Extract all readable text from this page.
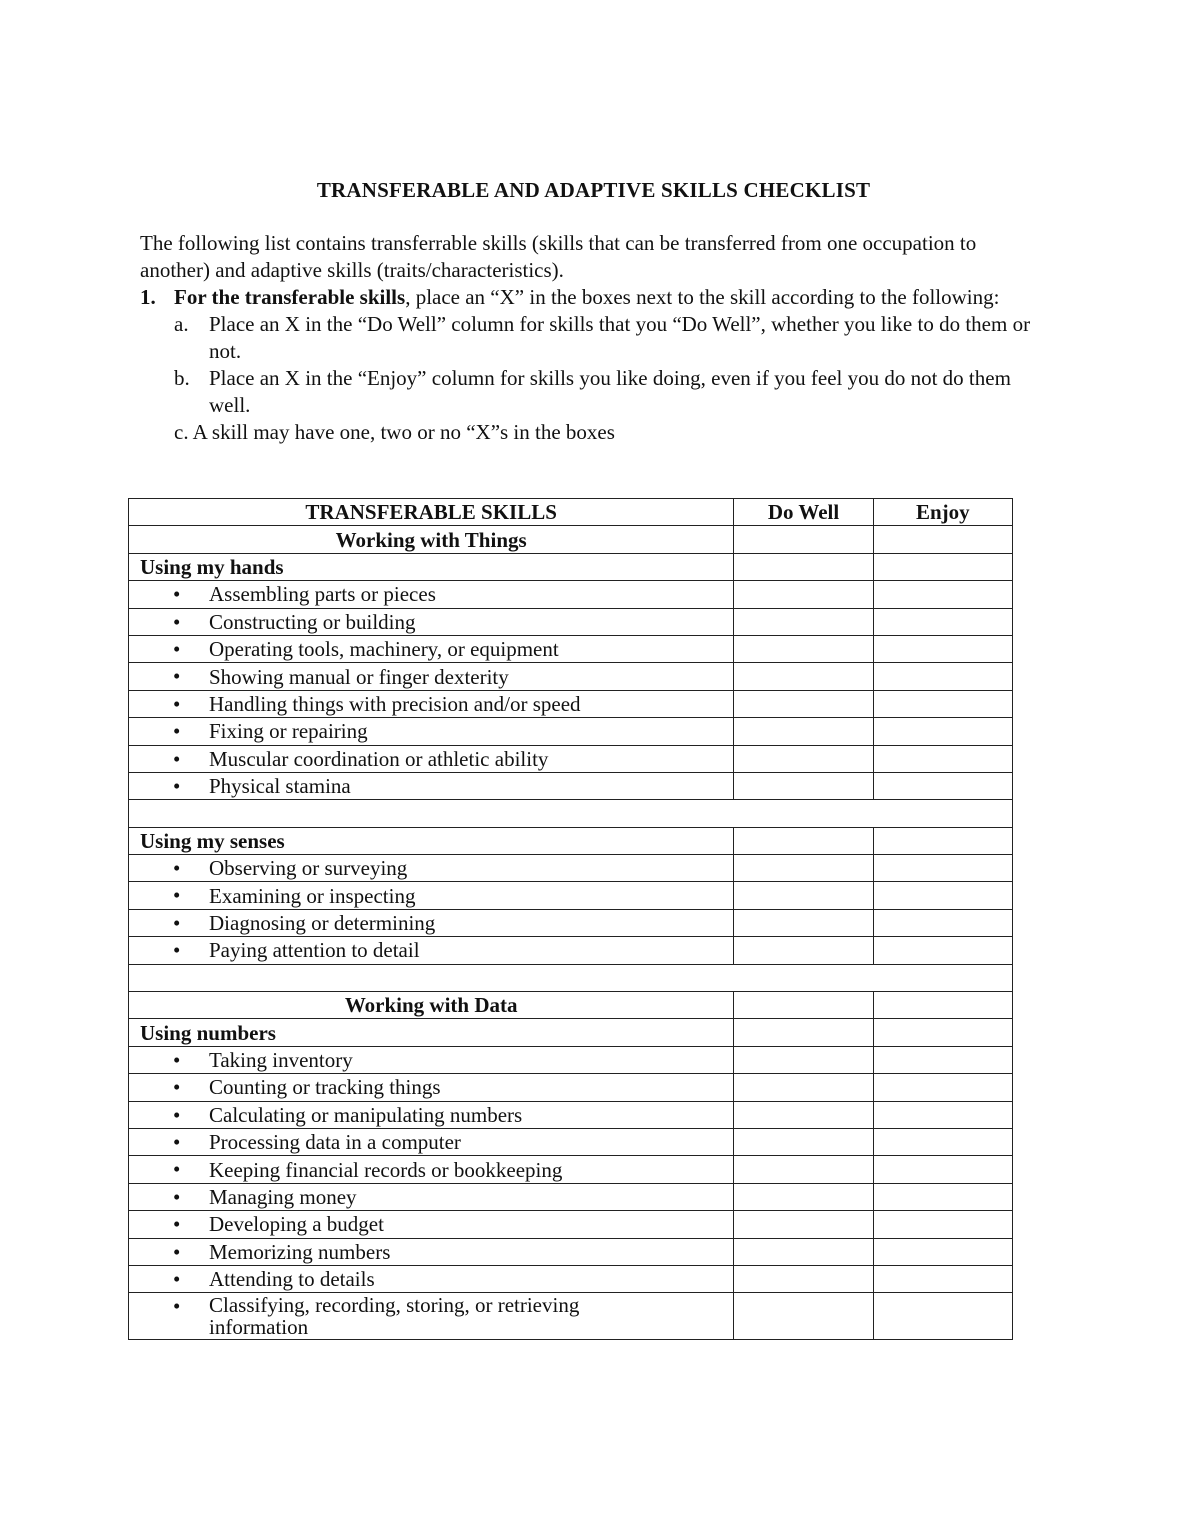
TRANSFERABLE AND ADAPTIVE SKILLS CHECKLIST

The following list contains transferrable skills (skills that can be transferred from one occupation to another) and adaptive skills (traits/characteristics).

1. For the transferable skills, place an “X” in the boxes next to the skill according to the following:

a. Place an X in the “Do Well” column for skills that you “Do Well”, whether you like to do them or not.
b. Place an X in the “Enjoy” column for skills you like doing, even if you feel you do not do them well.
c. A skill may have one, two or no “X”s in the boxes

TRANSFERABLE SKILLS	Do Well	Enjoy
Working with Things		
Using my hands		

• Assembling parts or pieces		

• Constructing or building		

• Operating tools, machinery, or equipment		

• Showing manual or finger dexterity		

• Handling things with precision and/or speed		

• Fixing or repairing		

• Muscular coordination or athletic ability		

• Physical stamina		

Using my senses		

• Observing or surveying		

• Examining or inspecting		

• Diagnosing or determining		

• Paying attention to detail		

Working with Data		
Using numbers		

• Taking inventory		

• Counting or tracking things		

• Calculating or manipulating numbers		

• Processing data in a computer		

• Keeping financial records or bookkeeping		

• Managing money		

• Developing a budget		

• Memorizing numbers		

• Attending to details		

• Classifying, recording, storing, or retrieving information		
